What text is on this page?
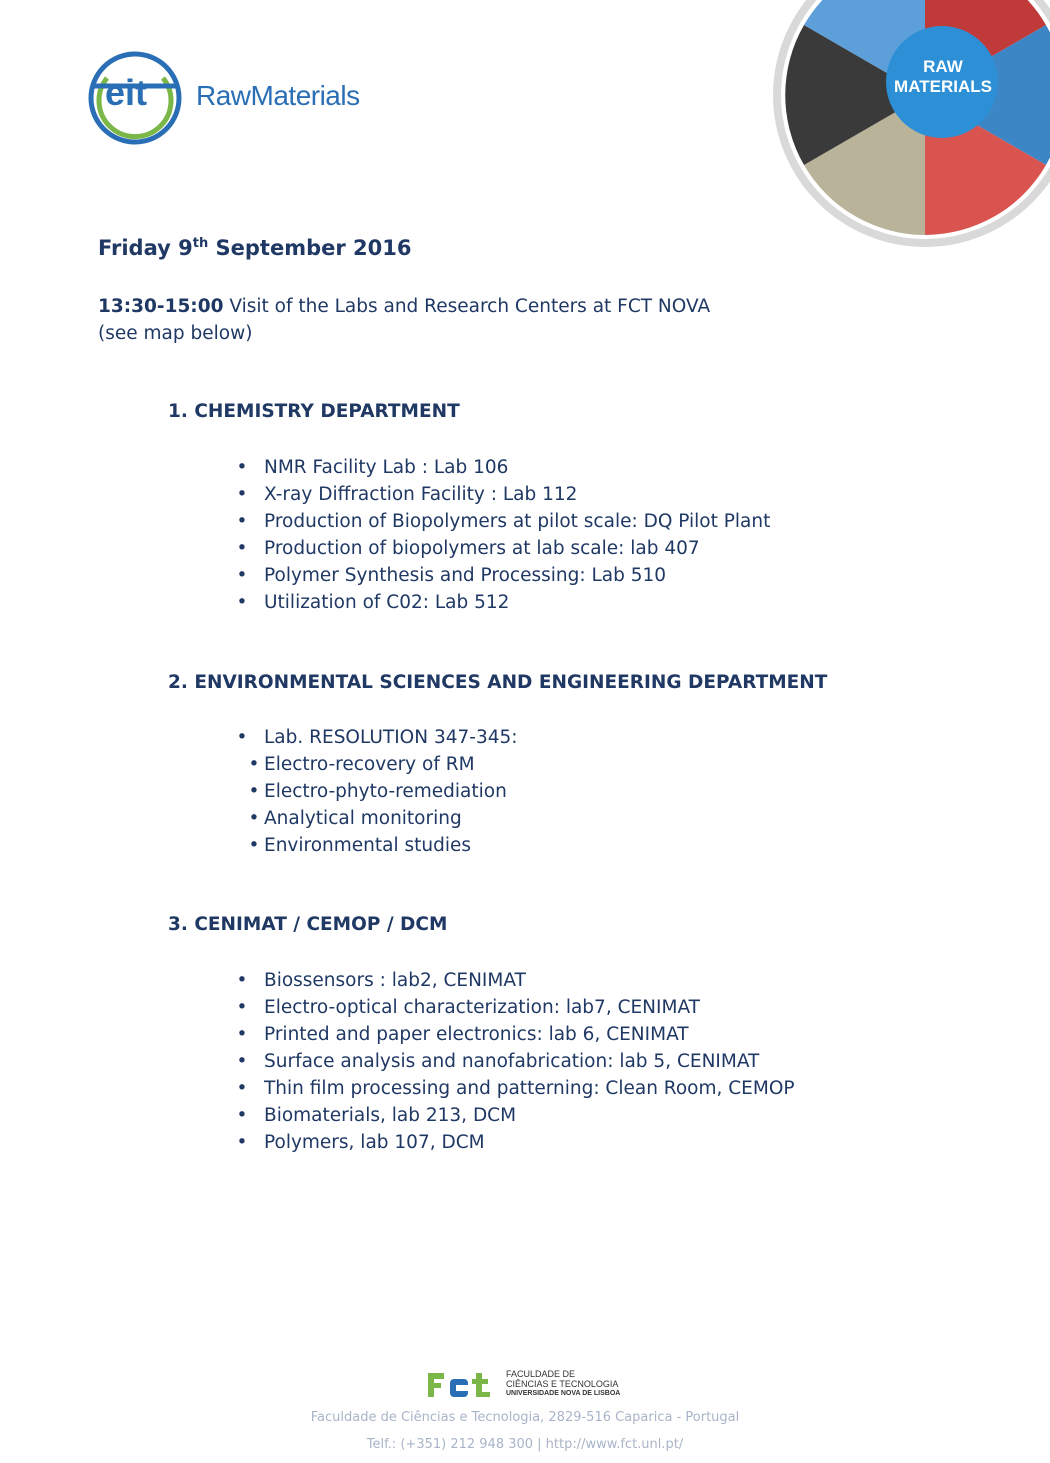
eit RawMaterials
RAW
MATERIALS
Friday 9th September 2016
13:30-15:00 Visit of the Labs and Research Centers at FCT NOVA
(see map below)
1. CHEMISTRY DEPARTMENT
• NMR Facility Lab : Lab 106
• X-ray Diffraction Facility : Lab 112
• Production of Biopolymers at pilot scale: DQ Pilot Plant
• Production of biopolymers at lab scale: lab 407
• Polymer Synthesis and Processing: Lab 510
• Utilization of C02: Lab 512
2. ENVIRONMENTAL SCIENCES AND ENGINEERING DEPARTMENT
• Lab. RESOLUTION 347-345:
• Electro-recovery of RM
• Electro-phyto-remediation
• Analytical monitoring
• Environmental studies
3. CENIMAT / CEMOP / DCM
• Biossensors : lab2, CENIMAT
• Electro-optical characterization: lab7, CENIMAT
• Printed and paper electronics: lab 6, CENIMAT
• Surface analysis and nanofabrication: lab 5, CENIMAT
• Thin film processing and patterning: Clean Room, CEMOP
• Biomaterials, lab 213, DCM
• Polymers, lab 107, DCM
FACULDADE DE
CIÊNCIAS E TECNOLOGIA
UNIVERSIDADE NOVA DE LISBOA
Faculdade de Ciências e Tecnologia, 2829-516 Caparica - Portugal
Telf.: (+351) 212 948 300 | http://www.fct.unl.pt/
